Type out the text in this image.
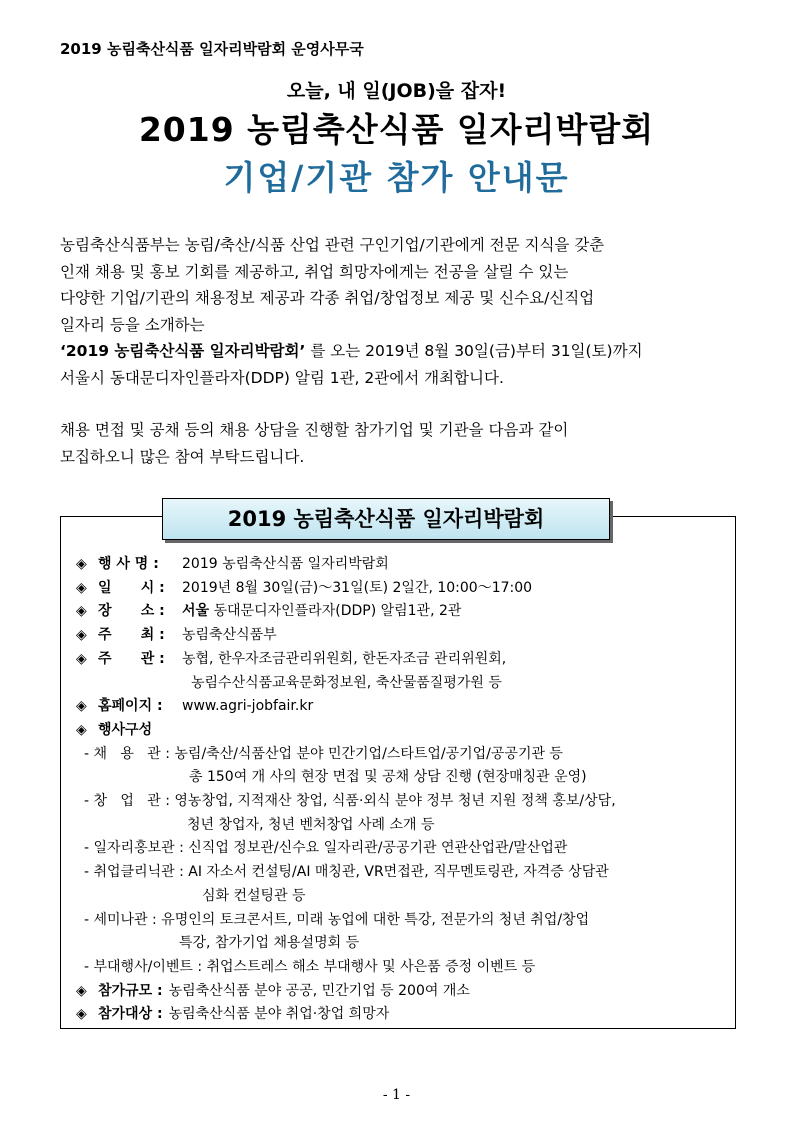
2019 농림축산식품 일자리박람회 운영사무국
오늘, 내 일(JOB)을 잡자!
2019 농림축산식품 일자리박람회
기업/기관 참가 안내문
농림축산식품부는 농림/축산/식품 산업 관련 구인기업/기관에게 전문 지식을 갖춘
인재 채용 및 홍보 기회를 제공하고, 취업 희망자에게는 전공을 살릴 수 있는
다양한 기업/기관의 채용정보 제공과 각종 취업/창업정보 제공 및 신수요/신직업
일자리 등을 소개하는
‘2019 농림축산식품 일자리박람회’ 를 오는 2019년 8월 30일(금)부터 31일(토)까지
서울시 동대문디자인플라자(DDP) 알림 1관, 2관에서 개최합니다.
채용 면접 및 공채 등의 채용 상담을 진행할 참가기업 및 기관을 다음과 같이
모집하오니 많은 참여 부탁드립니다.
2019 농림축산식품 일자리박람회
◈ 행 사 명 :	2019 농림축산식품 일자리박람회
◈ 일      시 :	2019년 8월 30일(금)～31일(토) 2일간, 10:00～17:00
◈ 장      소 :	서울 동대문디자인플라자(DDP) 알림1관, 2관
◈ 주      최 :	농림축산식품부
◈ 주      관 :	농협, 한우자조금관리위원회, 한돈자조금 관리위원회,
농림수산식품교육문화정보원, 축산물품질평가원 등
◈ 홈페이지 :	www.agri-jobfair.kr
◈ 행사구성
- 채   용   관 : 농림/축산/식품산업 분야 민간기업/스타트업/공기업/공공기관 등
총 150여 개 사의 현장 면접 및 공채 상담 진행 (현장매칭관 운영)
- 창   업   관 : 영농창업, 지적재산 창업, 식품·외식 분야 정부 청년 지원 정책 홍보/상담,
청년 창업자, 청년 벤처창업 사례 소개 등
- 일자리홍보관 : 신직업 정보관/신수요 일자리관/공공기관 연관산업관/말산업관
- 취업클리닉관 : AI 자소서 컨설팅/AI 매칭관, VR면접관, 직무멘토링관, 자격증 상담관
심화 컨설팅관 등
- 세미나관 : 유명인의 토크콘서트, 미래 농업에 대한 특강, 전문가의 청년 취업/창업
특강, 참가기업 채용설명회 등
- 부대행사/이벤트 : 취업스트레스 해소 부대행사 및 사은품 증정 이벤트 등
◈ 참가규모 : 농림축산식품 분야 공공, 민간기업 등 200여 개소
◈ 참가대상 : 농림축산식품 분야 취업·창업 희망자
- 1 -
